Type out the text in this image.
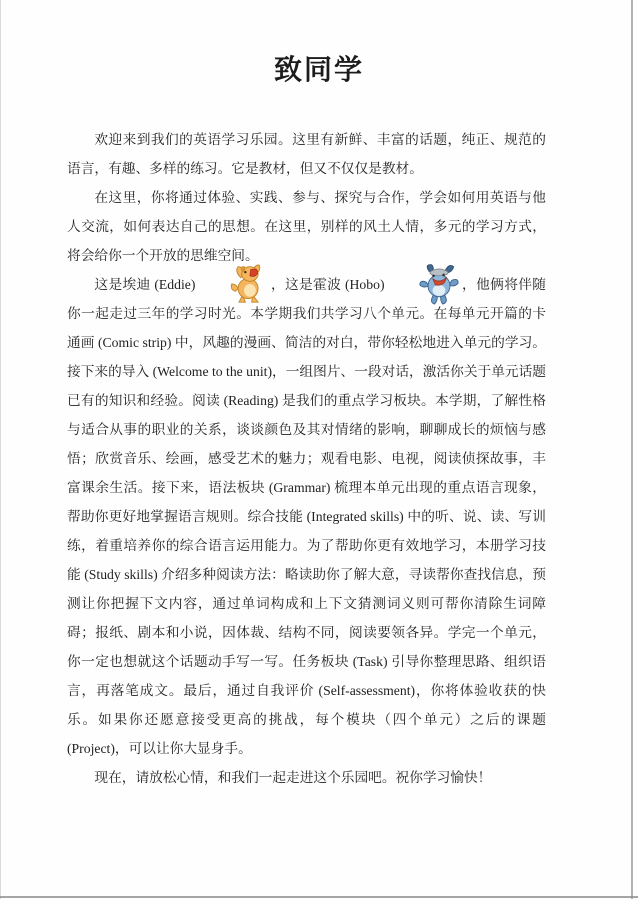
致同学

欢迎来到我们的英语学习乐园。这里有新鲜、丰富的话题，纯正、规范的语言，有趣、多样的练习。它是教材，但又不仅仅是教材。

在这里，你将通过体验、实践、参与、探究与合作，学会如何用英语与他人交流，如何表达自己的思想。在这里，别样的风土人情，多元的学习方式，将会给你一个开放的思维空间。

这是埃迪 (Eddie)	，这是霍波 (Hobo)	，他俩将伴随你一起走过三年的学习时光。本学期我们共学习八个单元。在每单元开篇的卡通画 (Comic strip) 中，风趣的漫画、简洁的对白，带你轻松地进入单元的学习。接下来的导入 (Welcome to the unit)，一组图片、一段对话，激活你关于单元话题已有的知识和经验。阅读 (Reading) 是我们的重点学习板块。本学期，了解性格与适合从事的职业的关系，谈谈颜色及其对情绪的影响，聊聊成长的烦恼与感悟；欣赏音乐、绘画，感受艺术的魅力；观看电影、电视，阅读侦探故事，丰富课余生活。接下来，语法板块 (Grammar) 梳理本单元出现的重点语言现象，帮助你更好地掌握语言规则。综合技能 (Integrated skills) 中的听、说、读、写训练，着重培养你的综合语言运用能力。为了帮助你更有效地学习，本册学习技能 (Study skills) 介绍多种阅读方法：略读助你了解大意，寻读帮你查找信息，预测让你把握下文内容，通过单词构成和上下文猜测词义则可帮你清除生词障碍；报纸、剧本和小说，因体裁、结构不同，阅读要领各异。学完一个单元，你一定也想就这个话题动手写一写。任务板块 (Task) 引导你整理思路、组织语言，再落笔成文。最后，通过自我评价 (Self-assessment)，你将体验收获的快乐。如果你还愿意接受更高的挑战，每个模块（四个单元）之后的课题 (Project)，可以让你大显身手。

现在，请放松心情，和我们一起走进这个乐园吧。祝你学习愉快！
